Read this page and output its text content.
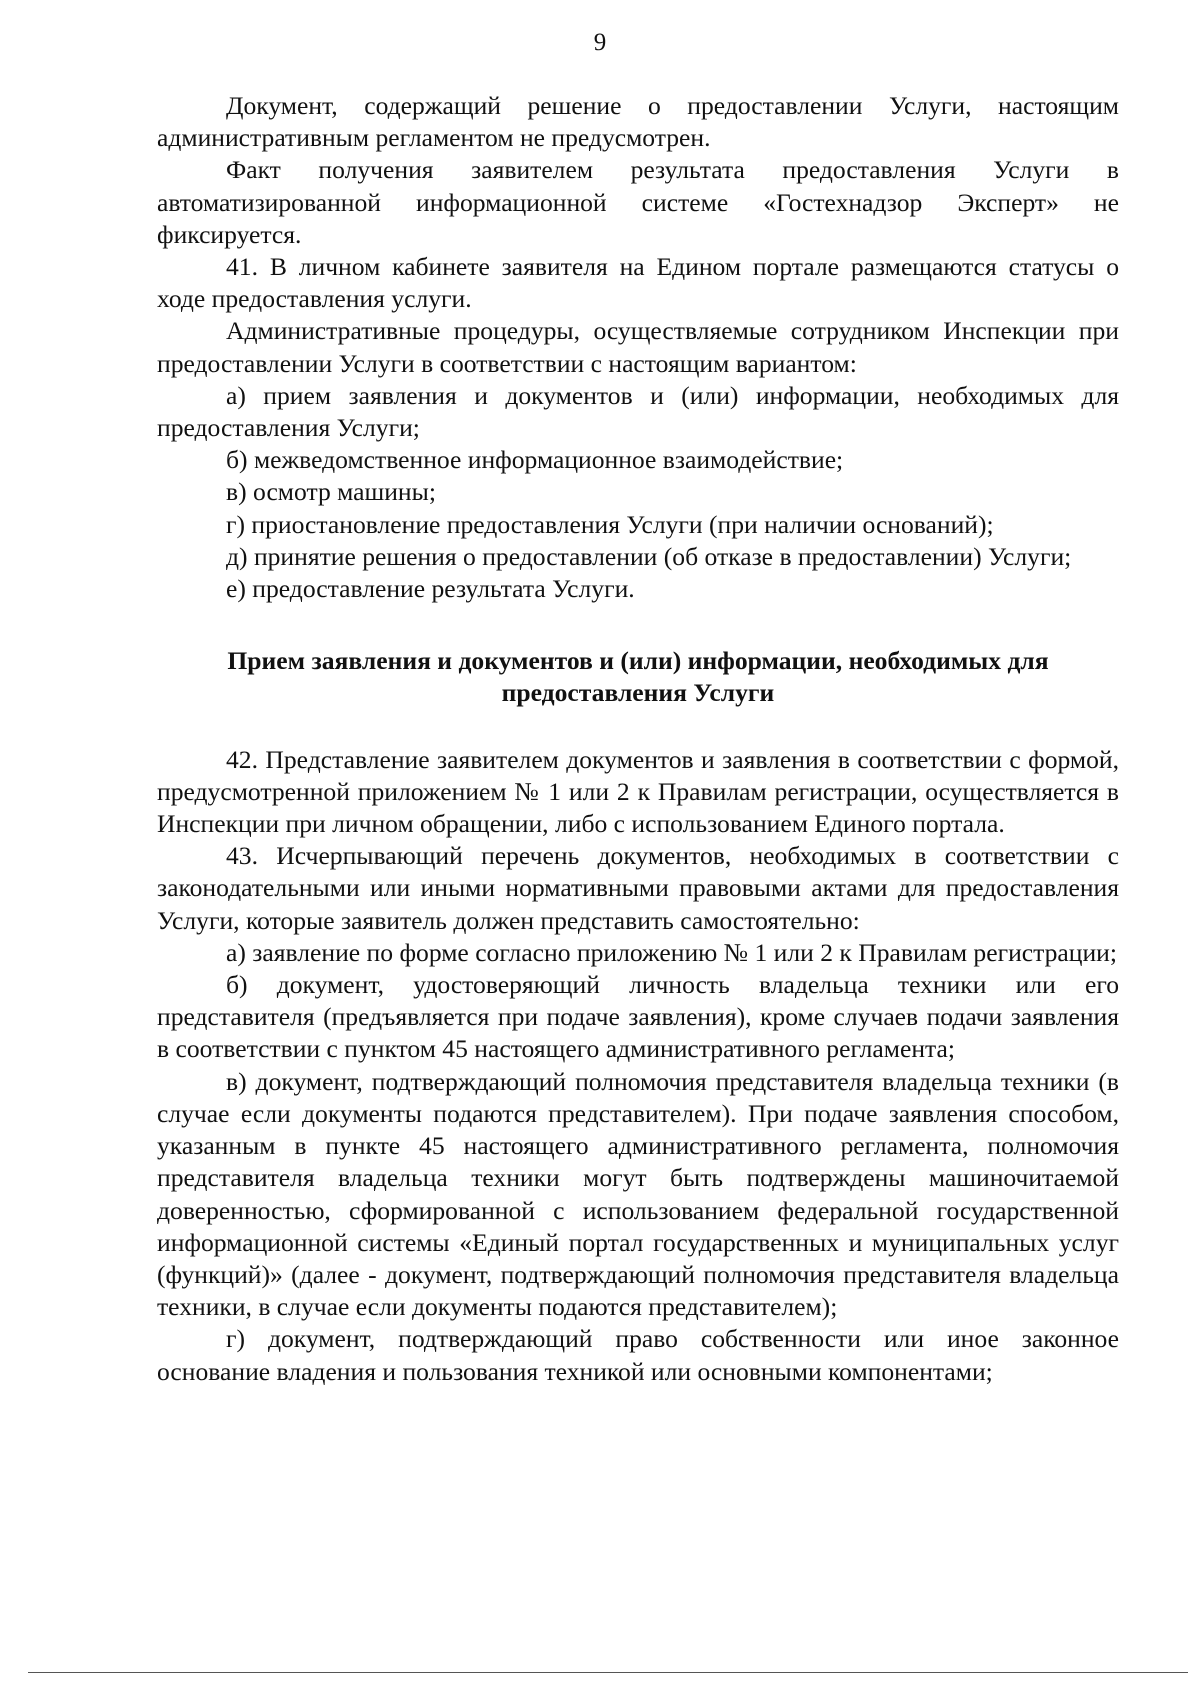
9

Документ, содержащий решение о предоставлении Услуги, настоящим административным регламентом не предусмотрен.

Факт получения заявителем результата предоставления Услуги в автоматизированной информационной системе «Гостехнадзор Эксперт» не фиксируется.

41. В личном кабинете заявителя на Едином портале размещаются статусы о ходе предоставления услуги.

Административные процедуры, осуществляемые сотрудником Инспекции при предоставлении Услуги в соответствии с настоящим вариантом:

а) прием заявления и документов и (или) информации, необходимых для предоставления Услуги;

б) межведомственное информационное взаимодействие;

в) осмотр машины;

г) приостановление предоставления Услуги (при наличии оснований);

д) принятие решения о предоставлении (об отказе в предоставлении) Услуги;

е) предоставление результата Услуги.

Прием заявления и документов и (или) информации, необходимых для предоставления Услуги

42. Представление заявителем документов и заявления в соответствии с формой, предусмотренной приложением № 1 или 2 к Правилам регистрации, осуществляется в Инспекции при личном обращении, либо с использованием Единого портала.

43. Исчерпывающий перечень документов, необходимых в соответствии с законодательными или иными нормативными правовыми актами для предоставления Услуги, которые заявитель должен представить самостоятельно:

а) заявление по форме согласно приложению № 1 или 2 к Правилам регистрации;

б) документ, удостоверяющий личность владельца техники или его представителя (предъявляется при подаче заявления), кроме случаев подачи заявления в соответствии с пунктом 45 настоящего административного регламента;

в) документ, подтверждающий полномочия представителя владельца техники (в случае если документы подаются представителем). При подаче заявления способом, указанным в пункте 45 настоящего административного регламента, полномочия представителя владельца техники могут быть подтверждены машиночитаемой доверенностью, сформированной с использованием федеральной государственной информационной системы «Единый портал государственных и муниципальных услуг (функций)» (далее - документ, подтверждающий полномочия представителя владельца техники, в случае если документы подаются представителем);

г) документ, подтверждающий право собственности или иное законное основание владения и пользования техникой или основными компонентами;
